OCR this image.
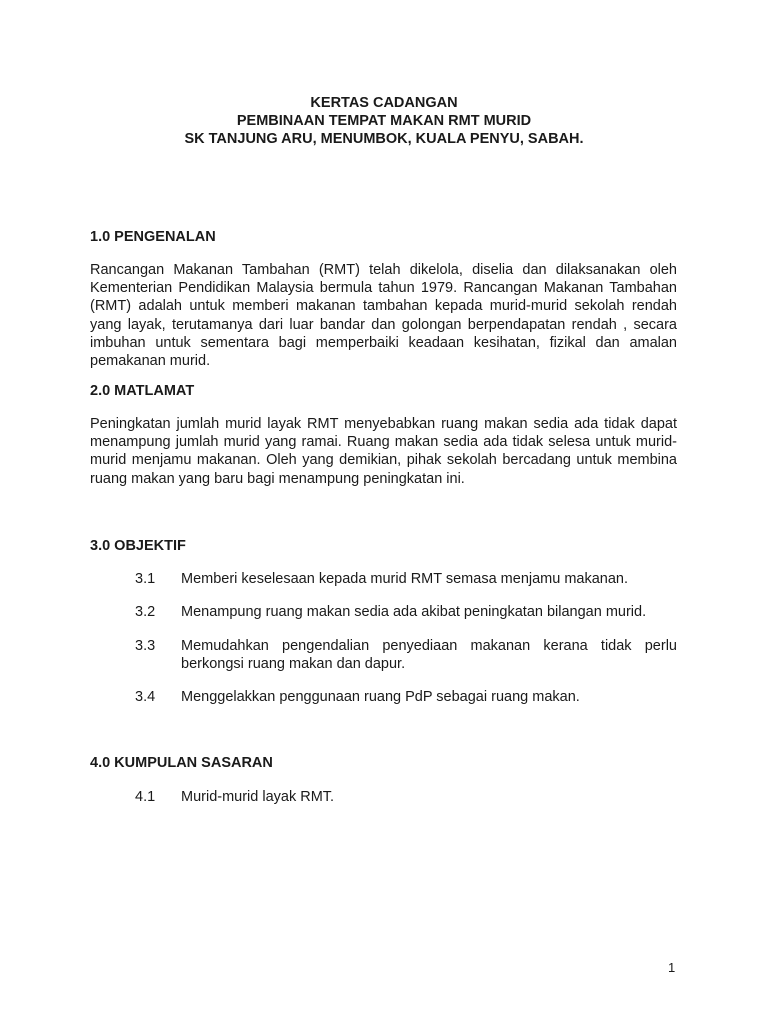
KERTAS CADANGAN
PEMBINAAN TEMPAT MAKAN RMT MURID
SK TANJUNG ARU, MENUMBOK, KUALA PENYU, SABAH.
1.0 PENGENALAN

Rancangan Makanan Tambahan (RMT) telah dikelola, diselia dan dilaksanakan oleh Kementerian Pendidikan Malaysia bermula tahun 1979. Rancangan Makanan Tambahan (RMT) adalah untuk memberi makanan tambahan kepada murid-murid sekolah rendah yang layak, terutamanya dari luar bandar dan golongan berpendapatan rendah , secara imbuhan untuk sementara bagi memperbaiki keadaan kesihatan, fizikal dan amalan pemakanan murid.

2.0 MATLAMAT

Peningkatan jumlah murid layak RMT menyebabkan ruang makan sedia ada tidak dapat menampung jumlah murid yang ramai. Ruang makan sedia ada tidak selesa untuk murid-murid menjamu makanan. Oleh yang demikian, pihak sekolah bercadang untuk membina ruang makan yang baru bagi menampung peningkatan ini.

3.0 OBJEKTIF
3.1 Memberi keselesaan kepada murid RMT semasa menjamu makanan.
3.2 Menampung ruang makan sedia ada akibat peningkatan bilangan murid.
3.3 Memudahkan pengendalian penyediaan makanan kerana tidak perlu berkongsi ruang makan dan dapur.
3.4 Menggelakkan penggunaan ruang PdP sebagai ruang makan.
4.0 KUMPULAN SASARAN
4.1 Murid-murid layak RMT.
1
